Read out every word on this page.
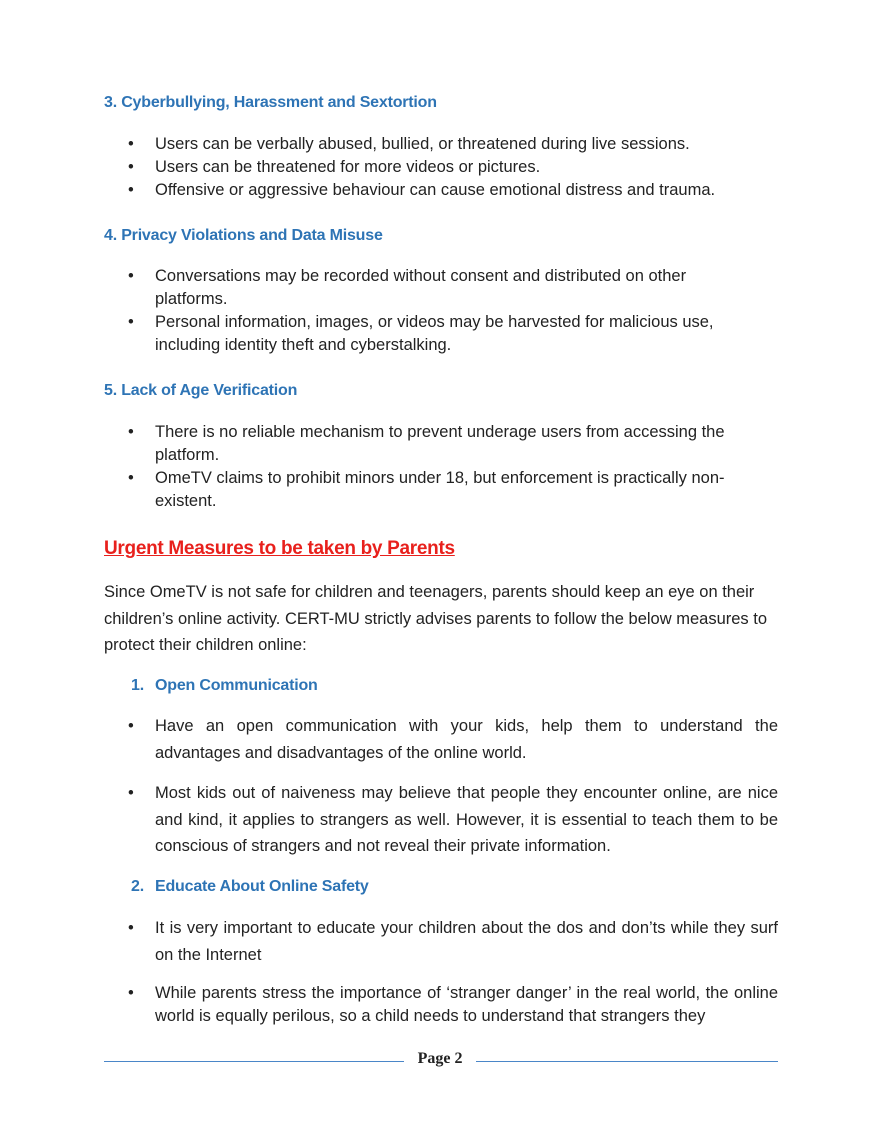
3. Cyberbullying, Harassment and Sextortion
•	Users can be verbally abused, bullied, or threatened during live sessions.
•	Users can be threatened for more videos or pictures.
•	Offensive or aggressive behaviour can cause emotional distress and trauma.
4. Privacy Violations and Data Misuse
•	Conversations may be recorded without consent and distributed on other platforms.
•	Personal information, images, or videos may be harvested for malicious use, including identity theft and cyberstalking.
5. Lack of Age Verification
•	There is no reliable mechanism to prevent underage users from accessing the platform.
•	OmeTV claims to prohibit minors under 18, but enforcement is practically non-existent.
Urgent Measures to be taken by Parents

Since OmeTV is not safe for children and teenagers, parents should keep an eye on their children’s online activity. CERT-MU strictly advises parents to follow the below measures to protect their children online:

1. Open Communication
•	Have an open communication with your kids, help them to understand the advantages and disadvantages of the online world.
•	Most kids out of naiveness may believe that people they encounter online, are nice and kind, it applies to strangers as well. However, it is essential to teach them to be conscious of strangers and not reveal their private information.
2. Educate About Online Safety
•	It is very important to educate your children about the dos and don’ts while they surf on the Internet
•	While parents stress the importance of ‘stranger danger’ in the real world, the online world is equally perilous, so a child needs to understand that strangers they
Page 2
